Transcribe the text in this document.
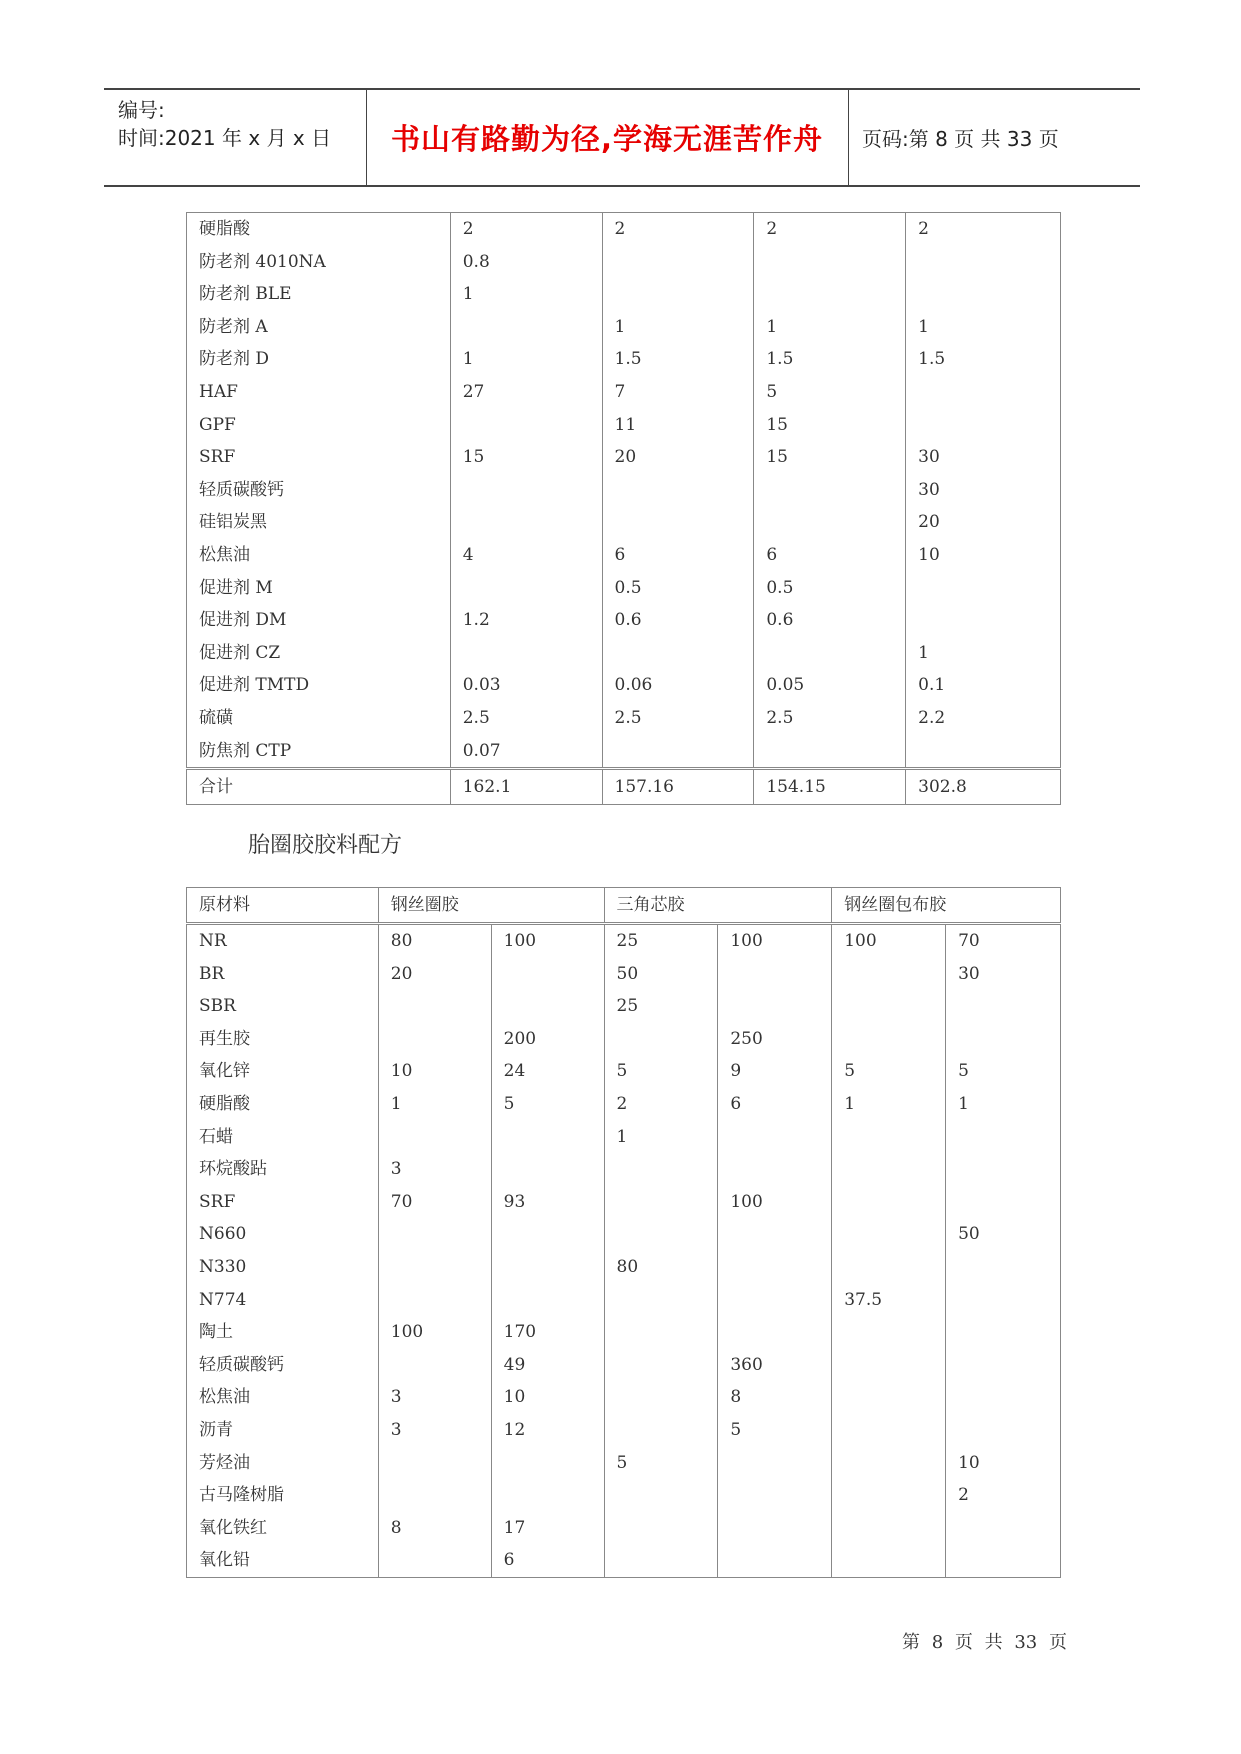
编号:
时间:2021 年 x 月 x 日	书山有路勤为径,学海无涯苦作舟	页码:第 8 页 共 33 页
硬脂酸	2	2	2	2
防老剂 4010NA	0.8			
防老剂 BLE	1			
防老剂 A		1	1	1
防老剂 D	1	1.5	1.5	1.5
HAF	27	7	5	
GPF		11	15	
SRF	15	20	15	30
轻质碳酸钙				30
硅铝炭黑				20
松焦油	4	6	6	10
促进剂 M		0.5	0.5	
促进剂 DM	1.2	0.6	0.6	
促进剂 CZ				1
促进剂 TMTD	0.03	0.06	0.05	0.1
硫磺	2.5	2.5	2.5	2.2
防焦剂 CTP	0.07			
合计	162.1	157.16	154.15	302.8
胎圈胶胶料配方
原材料	钢丝圈胶		三角芯胶		钢丝圈包布胶	
NR	80	100	25	100	100	70
BR	20		50			30
SBR			25			
再生胶		200		250		
氧化锌	10	24	5	9	5	5
硬脂酸	1	5	2	6	1	1
石蜡			1			
环烷酸跕	3					
SRF	70	93		100		
N660						50
N330			80			
N774					37.5	
陶土	100	170				
轻质碳酸钙		49		360		
松焦油	3	10		8		
沥青	3	12		5		
芳烃油			5			10
古马隆树脂						2
氧化铁红	8	17				
氧化铅		6				
第 8 页 共 33 页
